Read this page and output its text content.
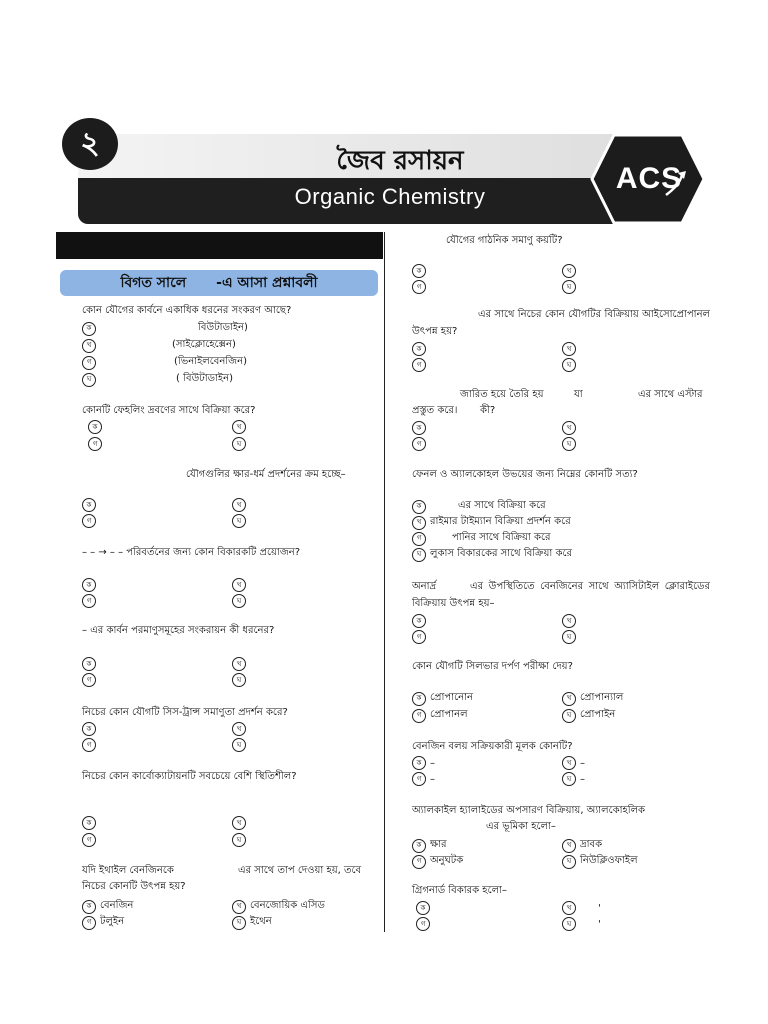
২
জৈব রসায়ন
Organic Chemistry
ACS
বিগত সালে -এ আসা প্রশ্নাবলী
কোন যৌগের কার্বনে একাধিক ধরনের সংকরণ আছে?
ক	বিউটাডাইন)
খ	(সাইক্লোহেক্সেন)
গ	(ভিনাইলবেনজিন)
ঘ	( বিউটাডাইন)
কোনটি ফেহলিং দ্রবণের সাথে বিক্রিয়া করে?
ক	খ
গ	ঘ
যৌগগুলির ক্ষার-ধর্ম প্রদর্শনের ক্রম হচ্ছে–
ক	খ
গ	ঘ
– – → – – পরিবর্তনের জন্য কোন বিকারকটি প্রয়োজন?
ক	খ
গ	ঘ
– এর কার্বন পরমাণুসমূহের সংকরায়ন কী ধরনের?
ক	খ
গ	ঘ
নিচের কোন যৌগটি সিস-ট্রান্স সমাণুতা প্রদর্শন করে?
ক	খ
গ	ঘ
নিচের কোন কার্বোক্যাটায়নটি সবচেয়ে বেশি স্থিতিশীল?
ক	খ
গ	ঘ
যদি ইথাইল বেনজিনকে	এর সাথে তাপ দেওয়া হয়, তবে
নিচের কোনটি উৎপন্ন হয়?
ক বেনজিন	খ বেনজোয়িক এসিড
গ টলুইন	ঘ ইথেন
যৌগের গাঠনিক সমাণু কয়টি?
ক	খ
গ	ঘ
এর সাথে নিচের কোন যৌগটির বিক্রিয়ায় আইসোপ্রোপানল উৎপন্ন হয়?
ক	খ
গ	ঘ
জারিত হয়ে তৈরি হয়	যা	এর সাথে এস্টার
প্রস্তুত করে। কী?
ক	খ
গ	ঘ
ফেনল ও অ্যালকোহল উভয়ের জন্য নিম্নের কোনটি সত্য?
ক	এর সাথে বিক্রিয়া করে
খ রাইমার টাইম্যান বিক্রিয়া প্রদর্শন করে
গ	পানির সাথে বিক্রিয়া করে
ঘ লুকাস বিকারকের সাথে বিক্রিয়া করে
অনার্দ্র	এর উপস্থিতিতে বেনজিনের সাথে অ্যাসিটাইল ক্লোরাইডের বিক্রিয়ায় উৎপন্ন হয়–
ক	খ
গ	ঘ
কোন যৌগটি সিলভার দর্পণ পরীক্ষা দেয়?
ক প্রোপানোন	খ প্রোপান্যাল
গ প্রোপানল	ঘ প্রোপাইন
বেনজিন বলয় সক্রিয়কারী মূলক কোনটি?
ক –	খ –
গ –	ঘ –
অ্যালকাইল হ্যালাইডের অপসারণ বিক্রিয়ায়, অ্যালকোহলিক
এর ভূমিকা হলো–
ক ক্ষার	খ দ্রাবক
গ অনুঘটক	ঘ নিউক্লিওফাইল
গ্রিগনার্ড বিকারক হলো–
ক	খ	'
গ	ঘ	'
